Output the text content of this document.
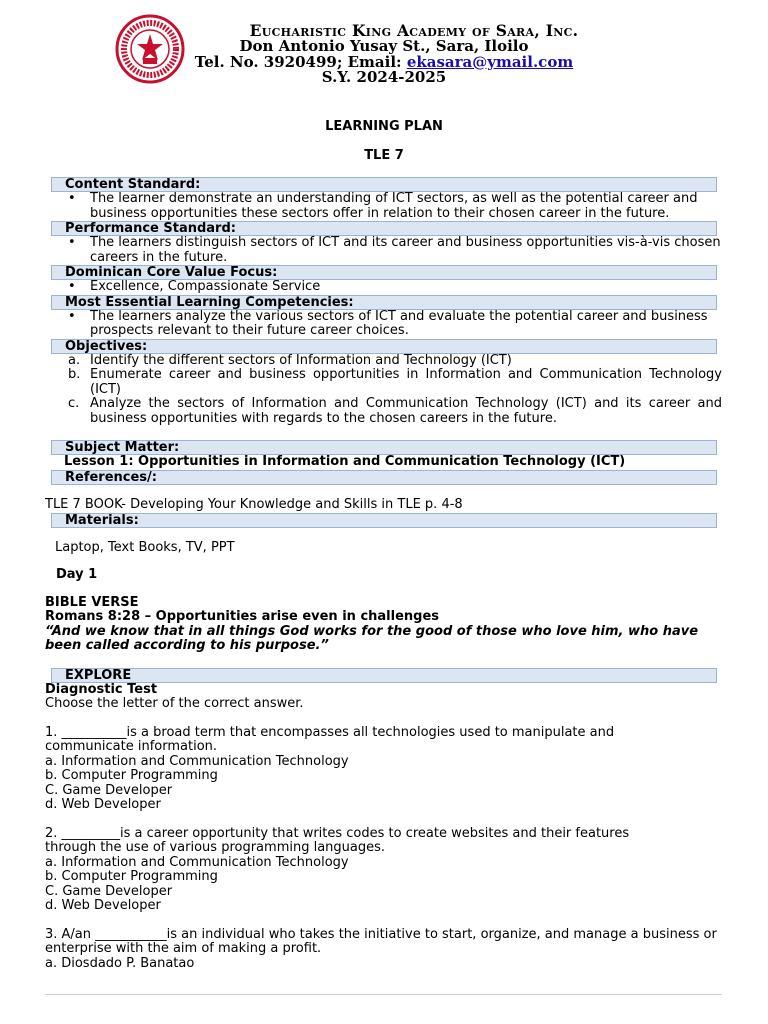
Eucharistic King Academy of Sara, Inc.
Don Antonio Yusay St., Sara, Iloilo
Tel. No. 3920499; Email: ekasara@ymail.com
S.Y. 2024-2025
LEARNING PLAN
TLE 7
Content Standard:
• The learner demonstrate an understanding of ICT sectors, as well as the potential career and business opportunities these sectors offer in relation to their chosen career in the future.
Performance Standard:
• The learners distinguish sectors of ICT and its career and business opportunities vis-à-vis chosen careers in the future.
Dominican Core Value Focus:
• Excellence, Compassionate Service
Most Essential Learning Competencies:
• The learners analyze the various sectors of ICT and evaluate the potential career and business prospects relevant to their future career choices.
Objectives:
a. Identify the different sectors of Information and Technology (ICT)
b. Enumerate career and business opportunities in Information and Communication Technology (ICT)
c. Analyze the sectors of Information and Communication Technology (ICT) and its career and business opportunities with regards to the chosen careers in the future.
Subject Matter:
Lesson 1: Opportunities in Information and Communication Technology (ICT)
References/:
TLE 7 BOOK- Developing Your Knowledge and Skills in TLE p. 4-8
Materials:
Laptop, Text Books, TV, PPT
Day 1
BIBLE VERSE
Romans 8:28 – Opportunities arise even in challenges
“And we know that in all things God works for the good of those who love him, who have been called according to his purpose.”
EXPLORE
Diagnostic Test
Choose the letter of the correct answer.
1. __________is a broad term that encompasses all technologies used to manipulate and communicate information.
a. Information and Communication Technology
b. Computer Programming
C. Game Developer
d. Web Developer
2. _________is a career opportunity that writes codes to create websites and their features through the use of various programming languages.
a. Information and Communication Technology
b. Computer Programming
C. Game Developer
d. Web Developer
3. A/an ___________is an individual who takes the initiative to start, organize, and manage a business or enterprise with the aim of making a profit.
a. Diosdado P. Banatao
